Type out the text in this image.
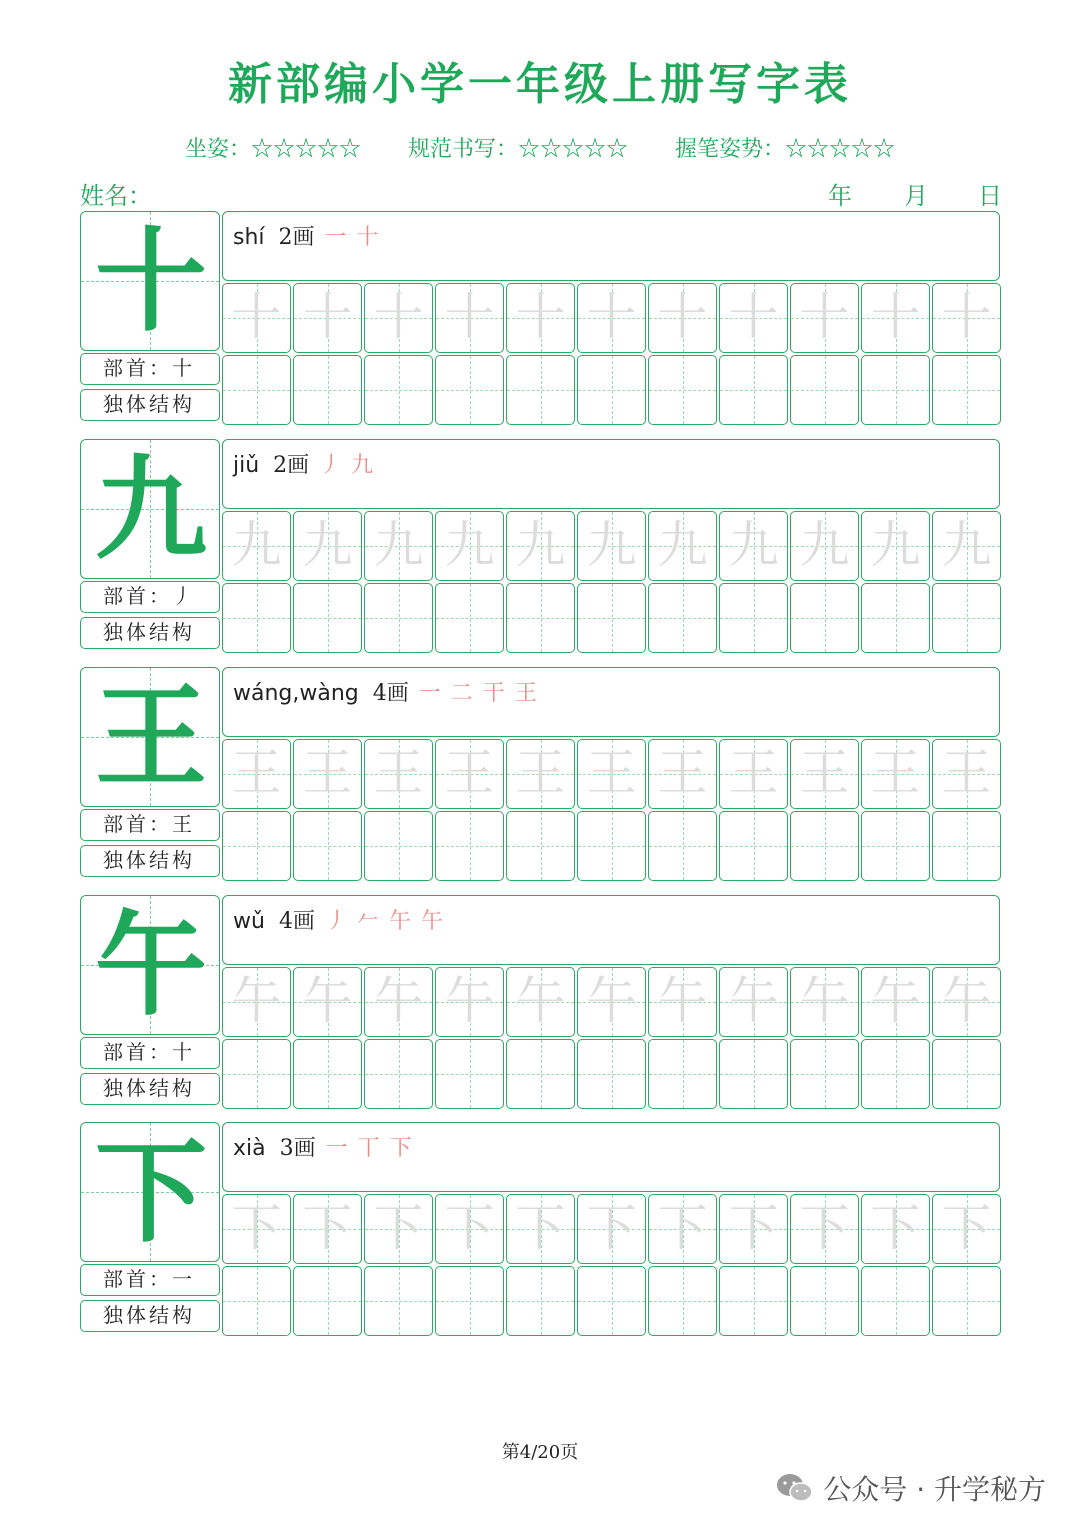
新部编小学一年级上册写字表
坐姿：☆☆☆☆☆ 规范书写：☆☆☆☆☆ 握笔姿势：☆☆☆☆☆
姓名：	年 月 日
十
部首：十
独体结构
shí 2画 一 十
十 十 十 十 十 十 十 十 十 十 十
九
部首：丿
独体结构
jiǔ 2画 丿 九
九 九 九 九 九 九 九 九 九 九 九
王
部首：王
独体结构
wáng,wàng 4画 一 二 干 王
王 王 王 王 王 王 王 王 王 王 王
午
部首：十
独体结构
wǔ 4画 丿 𠂉 午 午
午 午 午 午 午 午 午 午 午 午 午
下
部首：一
独体结构
xià 3画 一 丅 下
下 下 下 下 下 下 下 下 下 下 下
第4/20页
公众号 · 升学秘方
